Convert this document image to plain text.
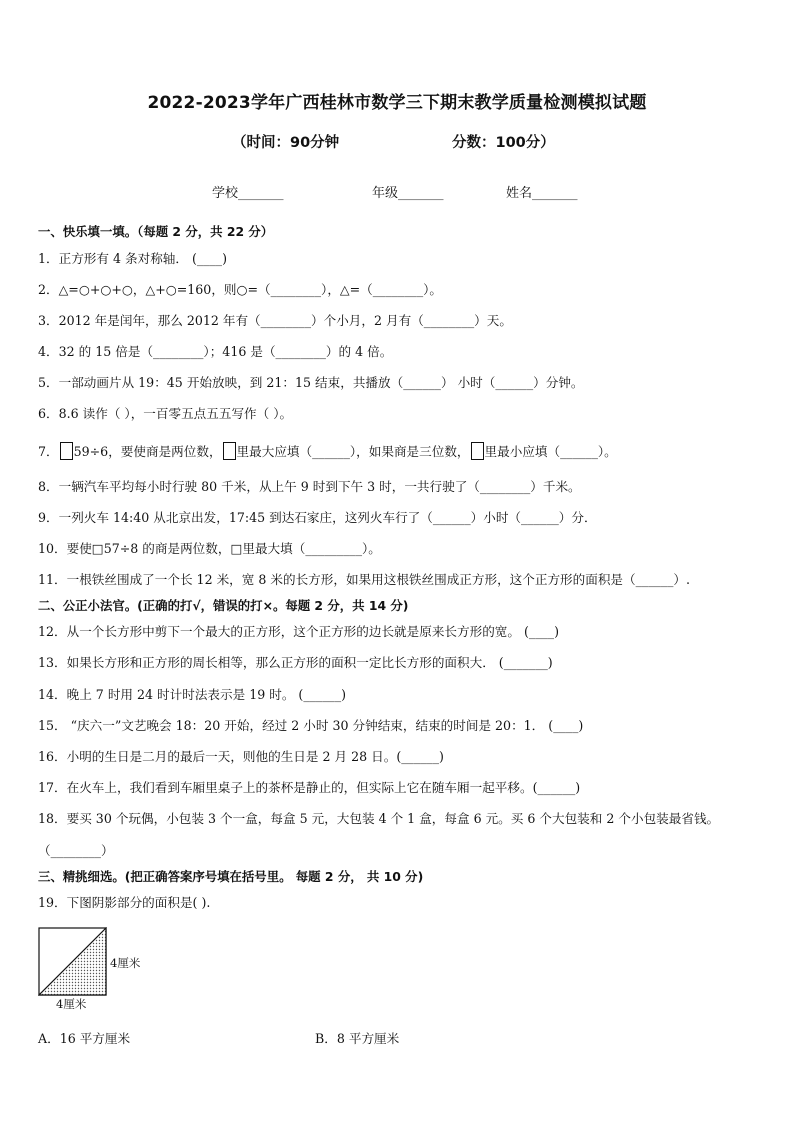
2022-2023学年广西桂林市数学三下期末教学质量检测模拟试题
（时间：90分钟	分数：100分）
学校_______	年级_______	姓名_______
一、快乐填一填。（每题 2 分，共 22 分）
1．正方形有 4 条对称轴． (____)
2．△=○+○+○，△+○=160，则○=（________），△=（________）。
3．2012 年是闰年，那么 2012 年有（________）个小月，2 月有（________）天。
4．32 的 15 倍是（________）；416 是（________）的 4 倍。
5．一部动画片从 19：45 开始放映，到 21：15 结束，共播放（______） 小时（______）分钟。
6．8.6 读作（ ），一百零五点五五写作（ ）。
7． 59÷6，要使商是两位数， 里最大应填（______），如果商是三位数， 里最小应填（______）。
8．一辆汽车平均每小时行驶 80 千米，从上午 9 时到下午 3 时，一共行驶了（________）千米。
9．一列火车 14:40 从北京出发，17:45 到达石家庄，这列火车行了（______）小时（______）分．
10．要使□57÷8 的商是两位数，□里最大填（_________）。
11．一根铁丝围成了一个长 12 米，宽 8 米的长方形，如果用这根铁丝围成正方形，这个正方形的面积是（______）.
二、公正小法官。(正确的打√，错误的打×。每题 2 分，共 14 分)
12．从一个长方形中剪下一个最大的正方形，这个正方形的边长就是原来长方形的宽。 (____)
13．如果长方形和正方形的周长相等，那么正方形的面积一定比长方形的面积大． (_______)
14．晚上 7 时用 24 时计时法表示是 19 时。 (______)
15． “庆六一”文艺晚会 18：20 开始，经过 2 小时 30 分钟结束，结束的时间是 20：1． (____)
16．小明的生日是二月的最后一天，则他的生日是 2 月 28 日。(______)
17．在火车上，我们看到车厢里桌子上的茶杯是静止的，但实际上它在随车厢一起平移。(______)
18．要买 30 个玩偶，小包装 3 个一盒，每盒 5 元，大包装 4 个 1 盒，每盒 6 元。买 6 个大包装和 2 个小包装最省钱。
（________）
三、精挑细选。(把正确答案序号填在括号里。 每题 2 分， 共 10 分)
19．下图阴影部分的面积是( ).
4厘米
4厘米
A．16 平方厘米	B．8 平方厘米
